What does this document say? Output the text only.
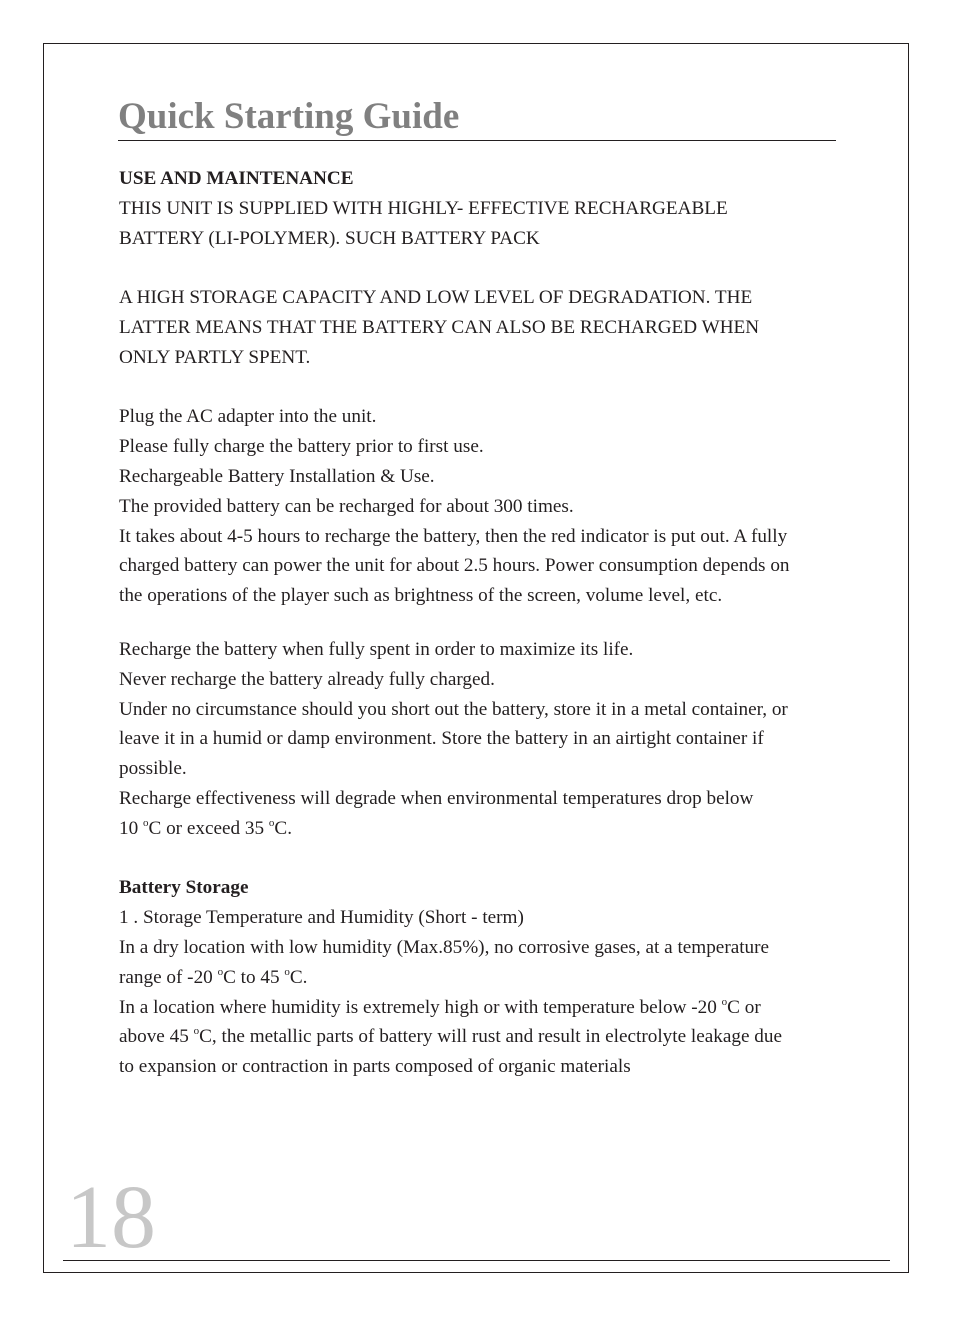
Quick Starting Guide
USE AND MAINTENANCE
THIS UNIT IS SUPPLIED WITH HIGHLY- EFFECTIVE RECHARGEABLE
BATTERY (LI-POLYMER). SUCH BATTERY PACK
A HIGH STORAGE CAPACITY AND LOW LEVEL OF DEGRADATION. THE
LATTER MEANS THAT THE BATTERY CAN ALSO BE RECHARGED WHEN
ONLY PARTLY SPENT.
Plug the AC adapter into the unit.
Please fully charge the battery prior to first use.
Rechargeable Battery Installation & Use.
The provided battery can be recharged for about 300 times.
It takes about 4-5 hours to recharge the battery, then the red indicator is put out. A fully
charged battery can power the unit for about 2.5 hours. Power consumption depends on
the operations of the player such as brightness of the screen, volume level, etc.
Recharge the battery when fully spent in order to maximize its life.
Never recharge the battery already fully charged.
Under no circumstance should you short out the battery, store it in a metal container, or
leave it in a humid or damp environment. Store the battery in an airtight container if
possible.
Recharge effectiveness will degrade when environmental temperatures drop below
10 $^o$C or exceed 35 $^o$C.
Battery Storage
1 . Storage Temperature and Humidity (Short - term)
In a dry location with low humidity (Max.85%), no corrosive gases, at a temperature
range of -20 $^o$C to 45 $^o$C.
In a location where humidity is extremely high or with temperature below -20 $^o$C or
above 45 $^o$C, the metallic parts of battery will rust and result in electrolyte leakage due
to expansion or contraction in parts composed of organic materials
18
